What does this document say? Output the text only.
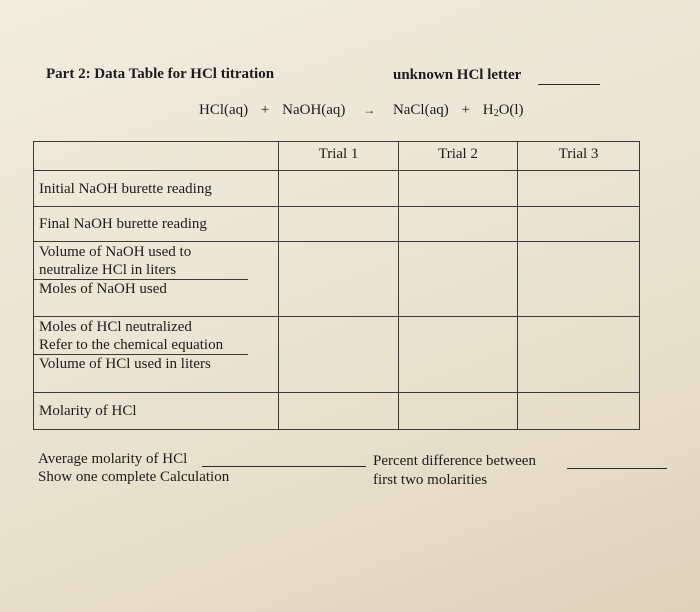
Part 2: Data Table for HCl titration	unknown HCl letter
HCl(aq) + NaOH(aq) → NaCl(aq) + $H_2O(l)$
	Trial 1	Trial 2	Trial 3

Initial NaOH burette reading			

Final NaOH burette reading			

Volume of NaOH used to
neutralize HCl in liters
Moles of NaOH used			

Moles of HCl neutralized
Refer to the chemical equation
Volume of HCl used in liters			

Molarity of HCl			

Average molarity of HCl
Show one complete Calculation
Percent difference between
first two molarities
